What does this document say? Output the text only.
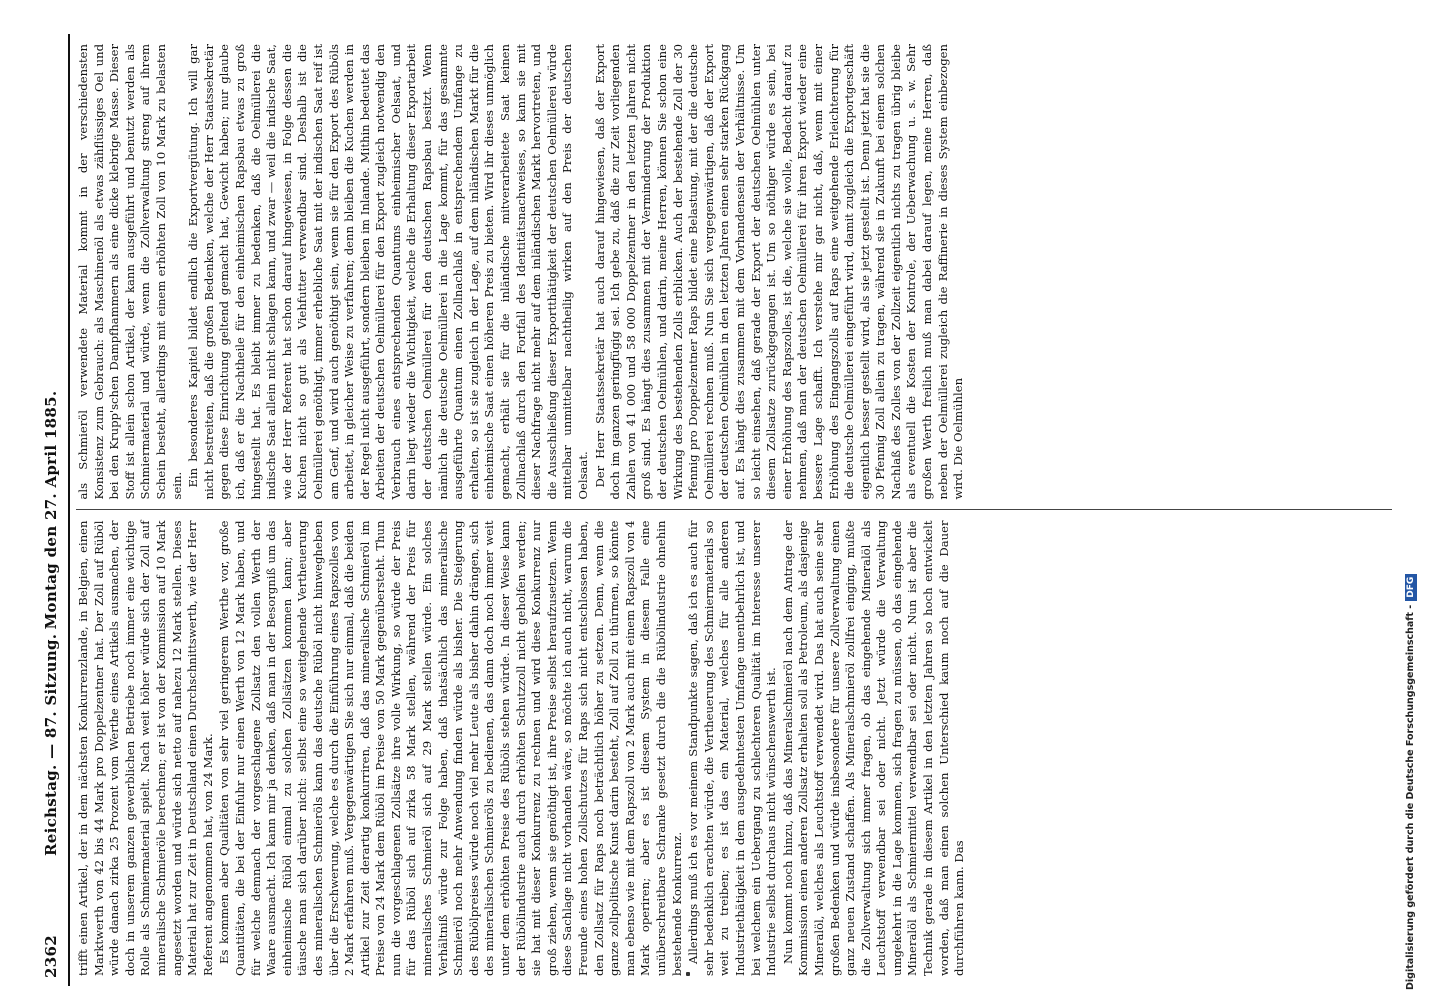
2362
Reichstag. — 87. Sitzung.
Montag den 27. April 1885.

trifft einen Artikel, der in dem nächsten Konkurrenzlande, in Belgien, einen Marktwerth von 42 bis 44 Mark pro Doppelzentner hat. Der Zoll auf Rüböl würde danach zirka 25 Prozent vom Werthe eines Artikels ausmachen, der doch in unserem ganzen gewerblichen Betriebe noch immer eine wichtige Rolle als Schmiermaterial spielt. Nach weit höher würde sich der Zoll auf mineralische Schmieröle berechnen; er ist von der Kommission auf 10 Mark angesetzt worden und würde sich netto auf nahezu 12 Mark stellen. Dieses Material hat zur Zeit in Deutschland einen Durchschnittswerth, wie der Herr Referent angenommen hat, von 24 Mark. Es kommen aber Qualitäten von sehr viel geringerem Werthe vor, große Quantitäten, die bei der Einfuhr nur einen Werth von 12 Mark haben, und für welche demnach der vorgeschlagene Zollsatz den vollen Werth der Waare ausmacht. Ich kann mir ja denken, daß man in der Besorgniß um das einheimische Rüböl einmal zu solchen Zollsätzen kommen kann; aber täusche man sich darüber nicht: selbst eine so weitgehende Vertheuerung des mineralischen Schmieröls kann das deutsche Rüböl nicht hinwegheben über die Erschwerung, welche es durch die Einführung eines Rapszolles von 2 Mark erfahren muß. Vergegenwärtigen Sie sich nur einmal, daß die beiden Artikel zur Zeit derartig konkurriren, daß das mineralische Schmieröl im Preise von 24 Mark dem Rüböl im Preise von 50 Mark gegenübersteht. Thun nun die vorgeschlagenen Zollsätze ihre volle Wirkung, so würde der Preis für das Rüböl sich auf zirka 58 Mark stellen, während der Preis für mineralisches Schmieröl sich auf 29 Mark stellen würde. Ein solches Verhältniß würde zur Folge haben, daß thatsächlich das mineralische Schmieröl noch mehr Anwendung finden würde als bisher. Die Steigerung des Rübölpreises würde noch viel mehr Leute als bisher dahin drängen, sich des mineralischen Schmieröls zu bedienen, das dann doch noch immer weit unter dem erhöhten Preise des Rüböls stehen würde. In dieser Weise kann der Rübölindustrie auch durch erhöhten Schutzzoll nicht geholfen werden; sie hat mit dieser Konkurrenz zu rechnen und wird diese Konkurrenz nur groß ziehen, wenn sie genöthigt ist, ihre Preise selbst heraufzusetzen. Wenn diese Sachlage nicht vorhanden wäre, so möchte ich auch nicht, warum die Freunde eines hohen Zollschutzes für Raps sich nicht entschlossen haben, den Zollsatz für Raps noch beträchtlich höher zu setzen. Denn, wenn die ganze zollpolitische Kunst darin besteht, Zoll auf Zoll zu thürmen, so könnte man ebenso wie mit dem Rapszoll von 2 Mark auch mit einem Rapszoll von 4 Mark operiren; aber es ist diesem System in diesem Falle eine unüberschreitbare Schranke gesetzt durch die die Rübölindustrie ohnehin bestehende Konkurrenz. Allerdings muß ich es vor meinem Standpunkte sagen, daß ich es auch für sehr bedenklich erachten würde, die Vertheuerung des Schmiermaterials so weit zu treiben; es ist das ein Material, welches für alle anderen Industriethätigkeit in dem ausgedehntesten Umfange unentbehrlich ist, und bei welchem ein Uebergang zu schlechteren Qualität im Interesse unserer Industrie selbst durchaus nicht wünschenswerth ist. Nun kommt noch hinzu, daß das Mineralschmieröl nach dem Antrage der Kommission einen anderen Zollsatz erhalten soll als Petroleum, als dasjenige Mineralöl, welches als Leuchtstoff verwendet wird. Das hat auch seine sehr großen Bedenken und würde insbesondere für unsere Zollverwaltung einen ganz neuen Zustand schaffen. Als Mineralschmieröl zollfrei einging, mußte die Zollverwaltung sich immer fragen, ob das eingehende Mineralöl als Leuchtstoff verwendbar sei oder nicht. Jetzt würde die Verwaltung umgekehrt in die Lage kommen, sich fragen zu müssen, ob das eingehende Mineralöl als Schmiermittel verwendbar sei oder nicht. Nun ist aber die Technik gerade in diesem Artikel in den letzten Jahren so hoch entwickelt worden, daß man einen solchen Unterschied kaum noch auf die Dauer durchführen kann. Das

als Schmieröl verwendete Material kommt in der verschiedensten Konsistenz zum Gebrauch: als Maschinenöl als etwas zähflüssiges Oel und bei den Krupp'schen Dampfhammern als eine dicke klebrige Masse. Dieser Stoff ist allein schon Artikel, der kann ausgeführt und benutzt werden als Schmiermaterial und würde, wenn die Zollverwaltung streng auf ihrem Schein besteht, allerdings mit einem erhöhten Zoll von 10 Mark zu belasten sein. Ein besonderes Kapitel bildet endlich die Exportvergütung. Ich will gar nicht bestreiten, daß die großen Bedenken, welche der Herr Staatssekretär gegen diese Einrichtung geltend gemacht hat, Gewicht haben; nur glaube ich, daß er die Nachtheile für den einheimischen Rapsbau etwas zu groß hingestellt hat. Es bleibt immer zu bedenken, daß die Oelmüllerei die indische Saat allein nicht schlagen kann, und zwar — weil die indische Saat, wie der Herr Referent hat schon darauf hingewiesen, in Folge dessen die Kuchen nicht so gut als Viehfutter verwendbar sind. Deshalb ist die Oelmüllerei genöthigt, immer erhebliche Saat mit der indischen Saat reif ist am Genf, und wird auch genöthigt sein, wenn sie für den Export des Rüböls arbeitet, in gleicher Weise zu verfahren; denn bleiben die Kuchen werden in der Regel nicht ausgeführt, sondern bleiben im Inlande. Mithin bedeutet das Arbeiten der deutschen Oelmüllerei für den Export zugleich notwendig den Verbrauch eines entsprechenden Quantums einheimischer Oelsaat, und darin liegt wieder die Wichtigkeit, welche die Erhaltung dieser Exportarbeit der deutschen Oelmüllerei für den deutschen Rapsbau besitzt. Wenn nämlich die deutsche Oelmüllerei in die Lage kommt, für das gesammte ausgeführte Quantum einen Zollnachlaß in entsprechendem Umfange zu erhalten, so ist sie zugleich in der Lage, auf dem inländischen Markt für die einheimische Saat einen höheren Preis zu bieten. Wird ihr dieses unmöglich gemacht, erhält sie für die inländische mitverarbeitete Saat keinen Zollnachlaß durch den Fortfall des Identitätsnachweises, so kann sie mit dieser Nachfrage nicht mehr auf dem inländischen Markt hervortreten, und die Ausschließung dieser Exportthätigkeit der deutschen Oelmüllerei würde mittelbar unmittelbar nachtheilig wirken auf den Preis der deutschen Oelsaat. Der Herr Staatssekretär hat auch darauf hingewiesen, daß der Export doch im ganzen geringfügig sei. Ich gebe zu, daß die zur Zeit vorliegenden Zahlen von 41 000 und 58 000 Doppelzentner in den letzten Jahren nicht groß sind. Es hängt dies zusammen mit der Verminderung der Produktion der deutschen Oelmühlen, und darin, meine Herren, können Sie schon eine Wirkung des bestehenden Zolls erblicken. Auch der bestehende Zoll der 30 Pfennig pro Doppelzentner Raps bildet eine Belastung, mit der die deutsche Oelmüllerei rechnen muß. Nun Sie sich vergegenwärtigen, daß der Export der deutschen Oelmühlen in den letzten Jahren einen sehr starken Rückgang auf. Es hängt dies zusammen mit dem Vorhandensein der Verhältnisse. Um so leicht einsehen, daß gerade der Export der deutschen Oelmühlen unter diesem Zollsatze zurückgegangen ist. Um so nöthiger würde es sein, bei einer Erhöhung des Rapszolles, ist die, welche sie wolle, Bedacht darauf zu nehmen, daß man der deutschen Oelmüllerei für ihren Export wieder eine bessere Lage schafft. Ich verstehe mir gar nicht, daß, wenn mit einer Erhöhung des Eingangszolls auf Raps eine weitgehende Erleichterung für die deutsche Oelmüllerei eingeführt wird, damit zugleich die Exportgeschäft eigentlich besser gestellt wird, als sie jetzt gestellt ist. Denn jetzt hat sie die 30 Pfennig Zoll allein zu tragen, während sie in Zukunft bei einem solchen Nachlaß des Zolles von der Zollzeit eigentlich nichts zu tragen übrig bleibe als eventuell die Kosten der Kontrole, der Ueberwachung u. s. w. Sehr großen Werth freilich muß man dabei darauf legen, meine Herren, daß neben der Oelmüllerei zugleich die Raffinerie in dieses System einbezogen wird. Die Oelmühlen

Digitalisierung gefördert durch die Deutsche Forschungsgemeinschaft -DFG
